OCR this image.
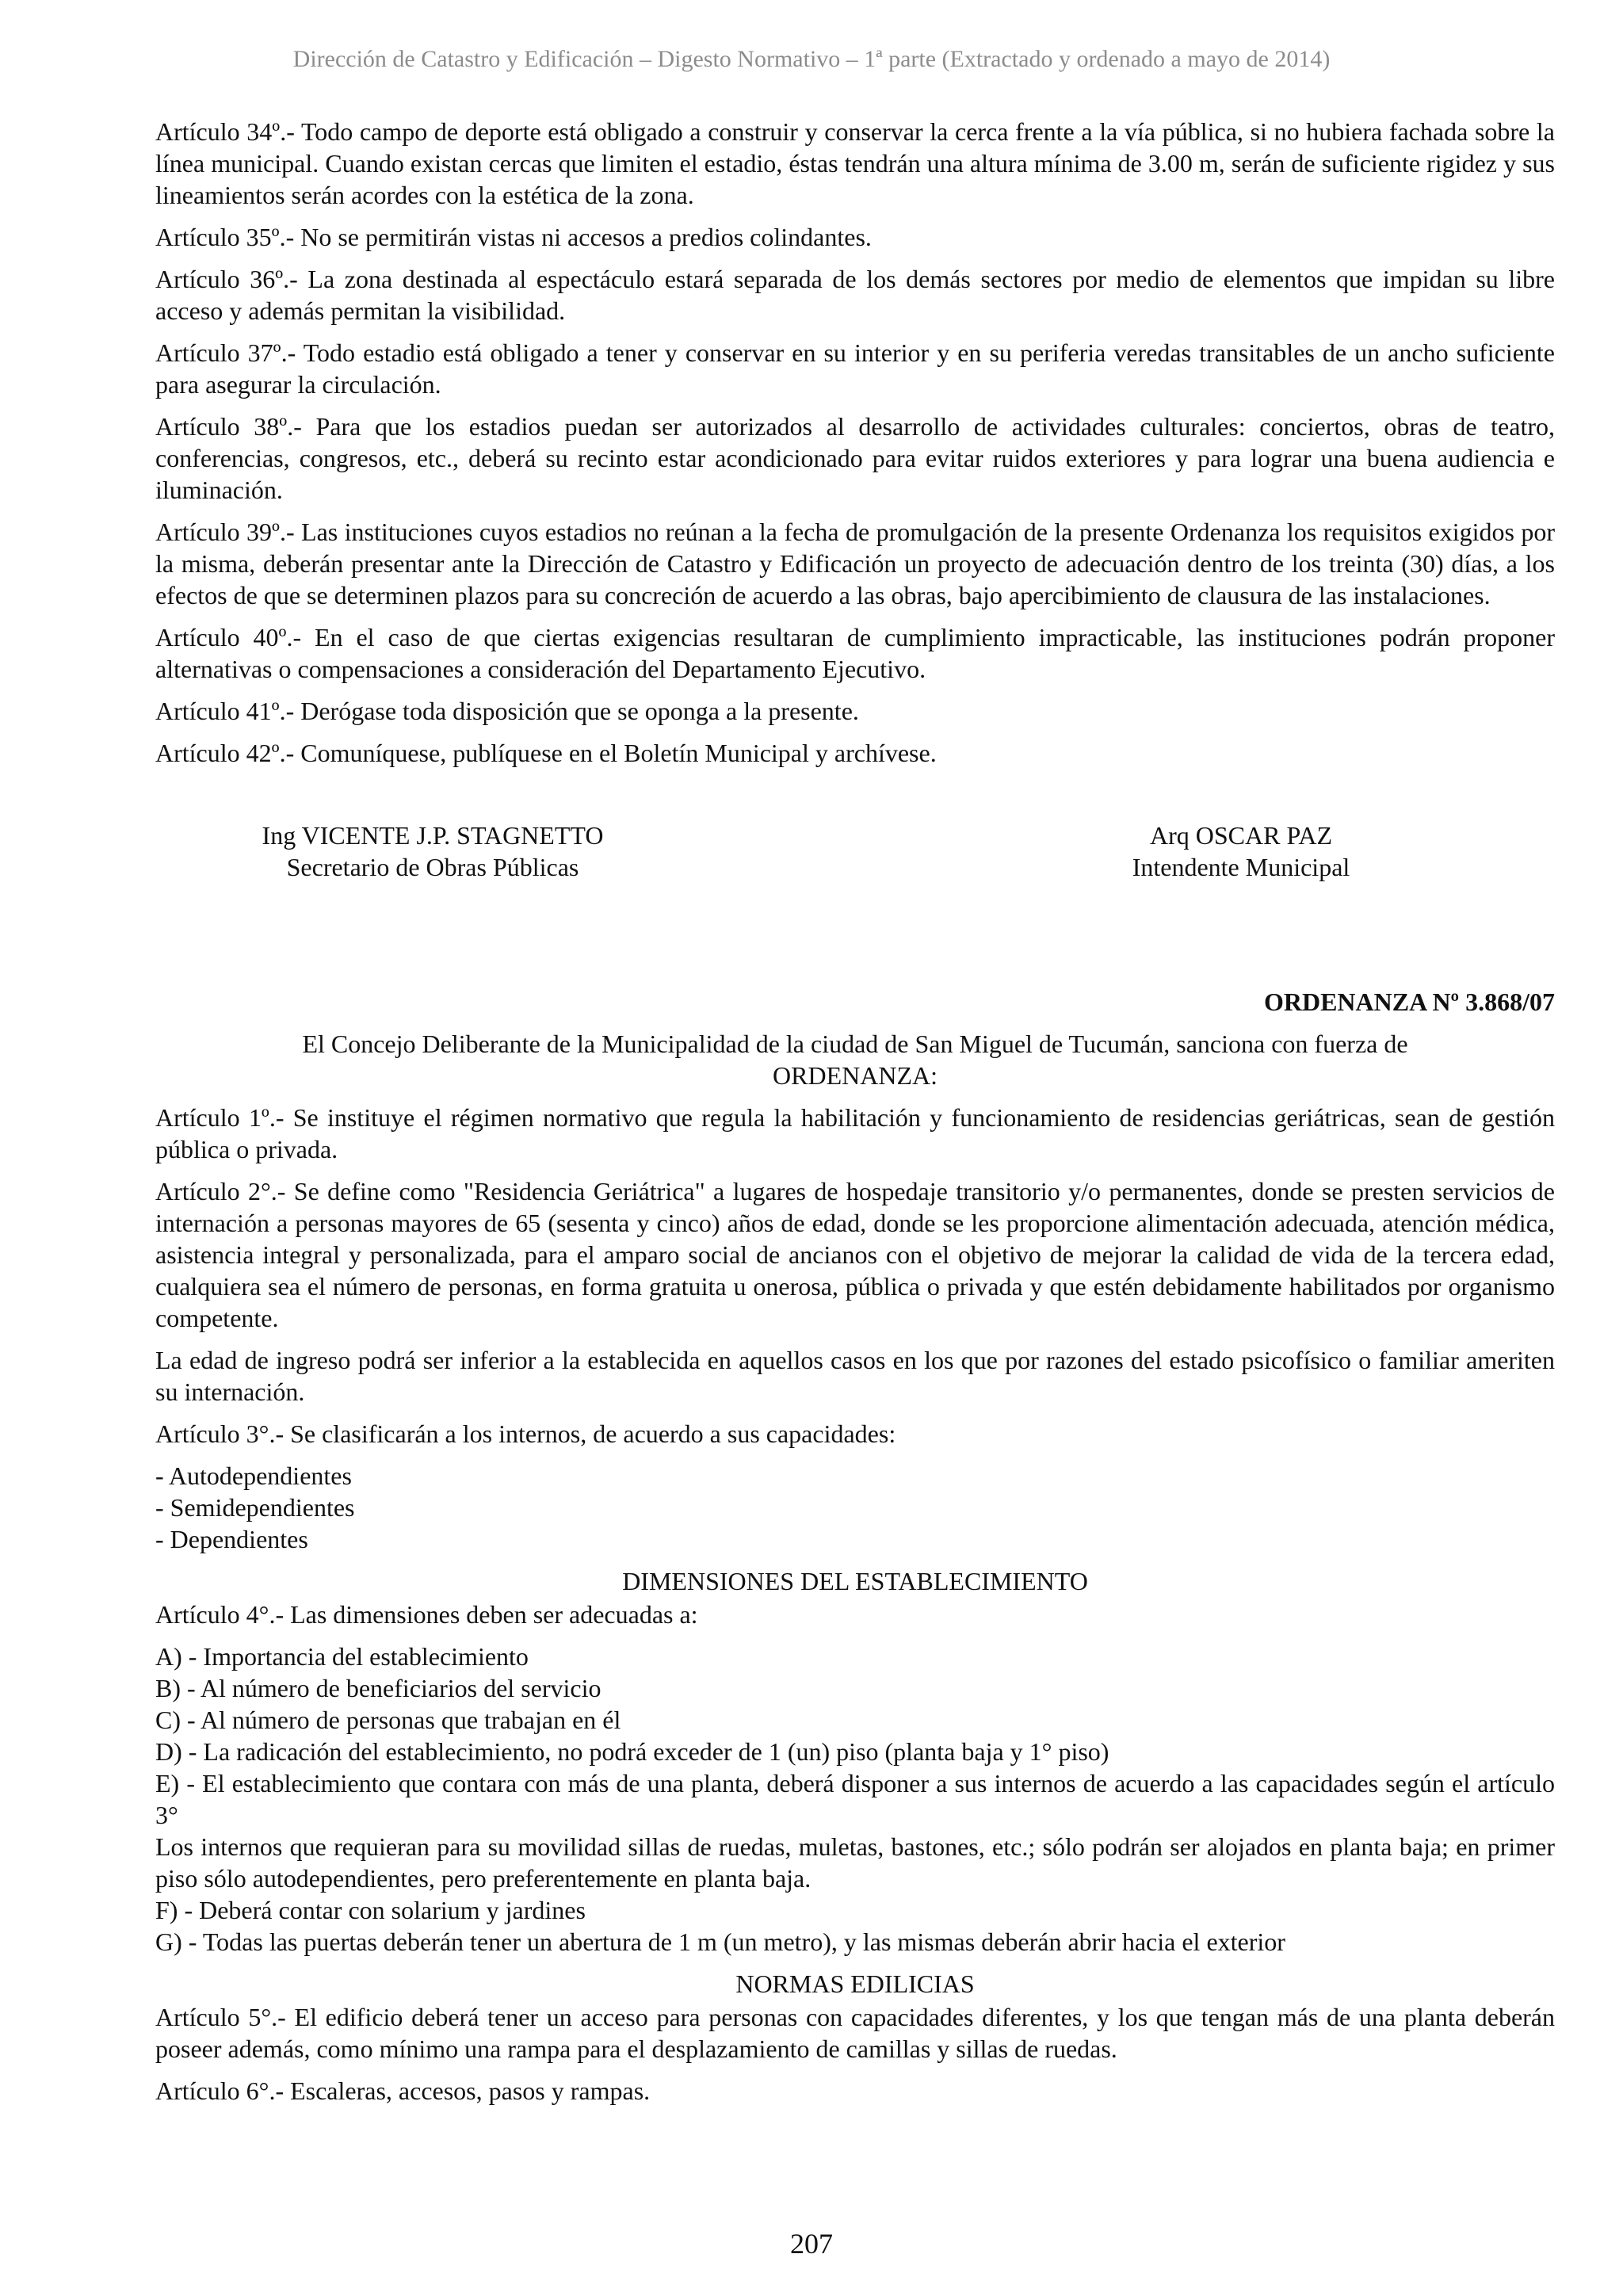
Dirección de Catastro y Edificación – Digesto Normativo – 1ª parte (Extractado y ordenado a mayo de 2014)

Artículo 34º.- Todo campo de deporte está obligado a construir y conservar la cerca frente a la vía pública, si no hubiera fachada sobre la línea municipal. Cuando existan cercas que limiten el estadio, éstas tendrán una altura mínima de 3.00 m, serán de suficiente rigidez y sus lineamientos serán acordes con la estética de la zona.

Artículo 35º.- No se permitirán vistas ni accesos a predios colindantes.

Artículo 36º.- La zona destinada al espectáculo estará separada de los demás sectores por medio de elementos que impidan su libre acceso y además permitan la visibilidad.

Artículo 37º.- Todo estadio está obligado a tener y conservar en su interior y en su periferia veredas transitables de un ancho suficiente para asegurar la circulación.

Artículo 38º.- Para que los estadios puedan ser autorizados al desarrollo de actividades culturales: conciertos, obras de teatro, conferencias, congresos, etc., deberá su recinto estar acondicionado para evitar ruidos exteriores y para lograr una buena audiencia e iluminación.

Artículo 39º.- Las instituciones cuyos estadios no reúnan a la fecha de promulgación de la presente Ordenanza los requisitos exigidos por la misma, deberán presentar ante la Dirección de Catastro y Edificación un proyecto de adecuación dentro de los treinta (30) días, a los efectos de que se determinen plazos para su concreción de acuerdo a las obras, bajo apercibimiento de clausura de las instalaciones.

Artículo 40º.- En el caso de que ciertas exigencias resultaran de cumplimiento impracticable, las instituciones podrán proponer alternativas o compensaciones a consideración del Departamento Ejecutivo.

Artículo 41º.- Derógase toda disposición que se oponga a la presente.

Artículo 42º.- Comuníquese, publíquese en el Boletín Municipal y archívese.

Ing VICENTE J.P. STAGNETTO
Secretario de Obras Públicas
Arq OSCAR PAZ
Intendente Municipal

ORDENANZA Nº 3.868/07

El Concejo Deliberante de la Municipalidad de la ciudad de San Miguel de Tucumán, sanciona con fuerza de

ORDENANZA:

Artículo 1º.- Se instituye el régimen normativo que regula la habilitación y funcionamiento de residencias geriátricas, sean de gestión pública o privada.

Artículo 2°.- Se define como "Residencia Geriátrica" a lugares de hospedaje transitorio y/o permanentes, donde se presten servicios de internación a personas mayores de 65 (sesenta y cinco) años de edad, donde se les proporcione alimentación adecuada, atención médica, asistencia integral y personalizada, para el amparo social de ancianos con el objetivo de mejorar la calidad de vida de la tercera edad, cualquiera sea el número de personas, en forma gratuita u onerosa, pública o privada y que estén debidamente habilitados por organismo competente.

La edad de ingreso podrá ser inferior a la establecida en aquellos casos en los que por razones del estado psicofísico o familiar ameriten su internación.

Artículo 3°.- Se clasificarán a los internos, de acuerdo a sus capacidades:

- Autodependientes
- Semidependientes
- Dependientes

DIMENSIONES DEL ESTABLECIMIENTO

Artículo 4°.- Las dimensiones deben ser adecuadas a:

A) - Importancia del establecimiento
B) - Al número de beneficiarios del servicio
C) - Al número de personas que trabajan en él
D) - La radicación del establecimiento, no podrá exceder de 1 (un) piso (planta baja y 1° piso)
E) - El establecimiento que contara con más de una planta, deberá disponer a sus internos de acuerdo a las capacidades según el artículo 3°
Los internos que requieran para su movilidad sillas de ruedas, muletas, bastones, etc.; sólo podrán ser alojados en planta baja; en primer piso sólo autodependientes, pero preferentemente en planta baja.
F) - Deberá contar con solarium y jardines
G) - Todas las puertas deberán tener un abertura de 1 m (un metro), y las mismas deberán abrir hacia el exterior

NORMAS EDILICIAS

Artículo 5°.- El edificio deberá tener un acceso para personas con capacidades diferentes, y los que tengan más de una planta deberán poseer además, como mínimo una rampa para el desplazamiento de camillas y sillas de ruedas.

Artículo 6°.- Escaleras, accesos, pasos y rampas.

207
